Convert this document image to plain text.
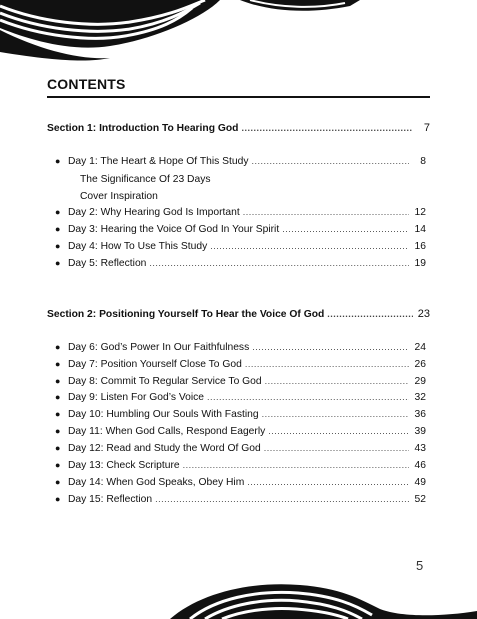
CONTENTS
Section 1: Introduction To Hearing God .....	7
● Day 1: The Heart & Hope Of This Study .....	8
The Significance Of 23 Days
Cover Inspiration
● Day 2: Why Hearing God Is Important .....	12
● Day 3: Hearing the Voice Of God In Your Spirit .....	14
● Day 4: How To Use This Study .....	16
● Day 5: Reflection .....	19
Section 2: Positioning Yourself To Hear the Voice Of God .....	23
● Day 6: God’s Power In Our Faithfulness .....	24
● Day 7: Position Yourself Close To God .....	26
● Day 8: Commit To Regular Service To God .....	29
● Day 9: Listen For God’s Voice .....	32
● Day 10: Humbling Our Souls With Fasting .....	36
● Day 11: When God Calls, Respond Eagerly .....	39
● Day 12: Read and Study the Word Of God .....	43
● Day 13: Check Scripture .....	46
● Day 14: When God Speaks, Obey Him .....	49
● Day 15: Reflection .....	52
5
